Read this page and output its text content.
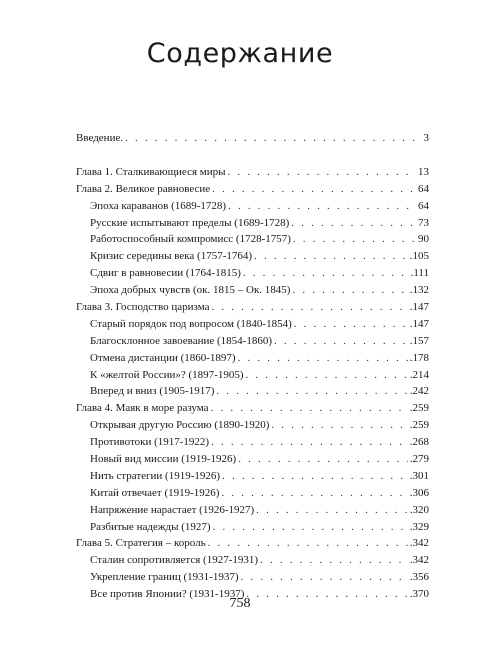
Содержание
Введение. . . .	3
Глава 1. Сталкивающиеся миры . . .	13
Глава 2. Великое равновесие . . .	64
Эпоха караванов (1689-1728) . . .	64
Русские испытывают пределы (1689-1728) . . .	73
Работоспособный компромисс (1728-1757) . . .	90
Кризис середины века (1757-1764) . . .	.105
Сдвиг в равновесии (1764-1815) . . .	.111
Эпоха добрых чувств (ок. 1815 – Ок. 1845) . . .	.132
Глава 3. Господство царизма . . .	.147
Старый порядок под вопросом (1840-1854) . . .	.147
Благосклонное завоевание (1854-1860) . . .	.157
Отмена дистанции (1860-1897) . . .	.178
К «желтой России»? (1897-1905) . . .	.214
Вперед и вниз (1905-1917) . . .	.242
Глава 4. Маяк в море разума . . .	.259
Открывая другую Россию (1890-1920) . . .	.259
Противотоки (1917-1922) . . .	.268
Новый вид миссии (1919-1926) . . .	.279
Нить стратегии (1919-1926) . . .	.301
Китай отвечает (1919-1926) . . .	.306
Напряжение нарастает (1926-1927) . . .	.320
Разбитые надежды (1927) . . .	.329
Глава 5. Стратегия – король . . .	.342
Сталин сопротивляется (1927-1931) . . .	.342
Укрепление границ (1931-1937) . . .	.356
Все против Японии? (1931-1937) . . .	.370
758
